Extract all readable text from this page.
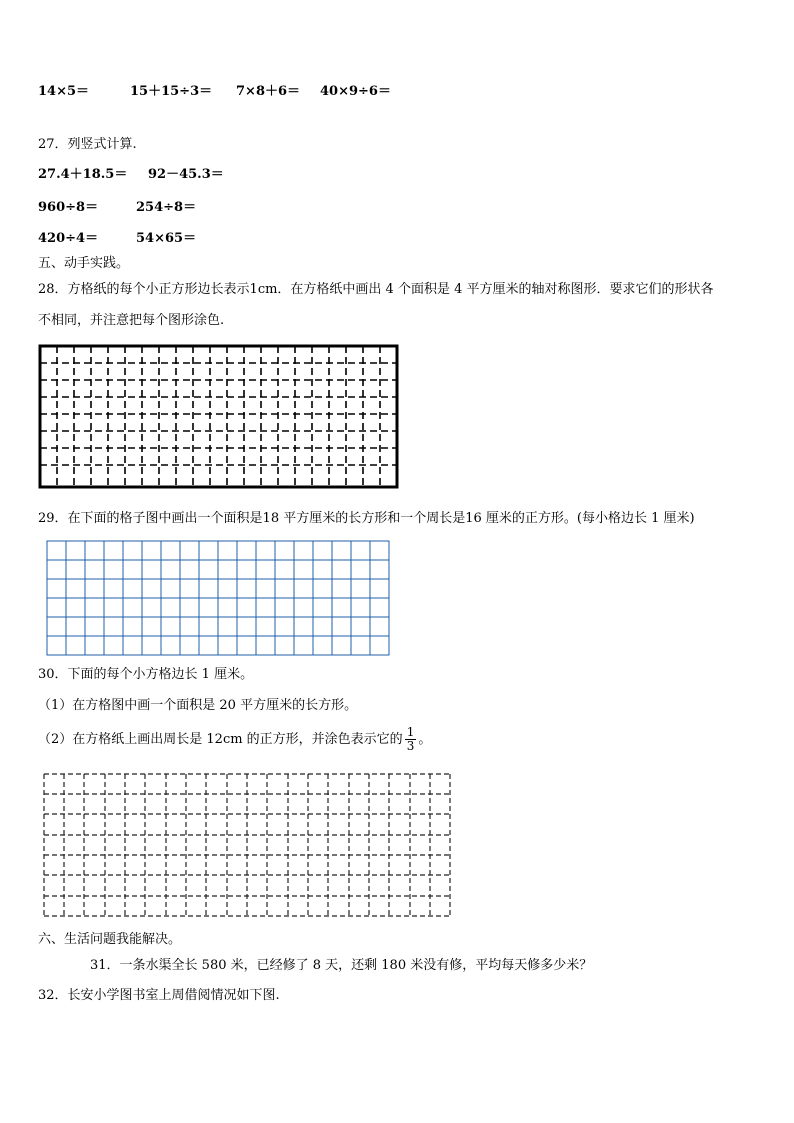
14×5＝	15＋15÷3＝ 7×8＋6＝ 40×9÷6＝
27．列竖式计算.
27.4＋18.5＝ 92－45.3＝
960÷8＝	254÷8＝
420÷4＝	54×65＝
五、动手实践。
28．方格纸的每个小正方形边长表示1cm．在方格纸中画出 4 个面积是 4 平方厘米的轴对称图形．要求它们的形状各
不相同，并注意把每个图形涂色.
29．在下面的格子图中画出一个面积是18 平方厘米的长方形和一个周长是16 厘米的正方形。(每小格边长 1 厘米)
30．下面的每个小方格边长 1 厘米。
（1）在方格图中画一个面积是 20 平方厘米的长方形。
（2）在方格纸上画出周长是 12cm 的正方形，并涂色表示它的 $\frac{1}{3}$ 。
六、生活问题我能解决。
31．一条水渠全长 580 米，已经修了 8 天，还剩 180 米没有修，平均每天修多少米？
32．长安小学图书室上周借阅情况如下图.
